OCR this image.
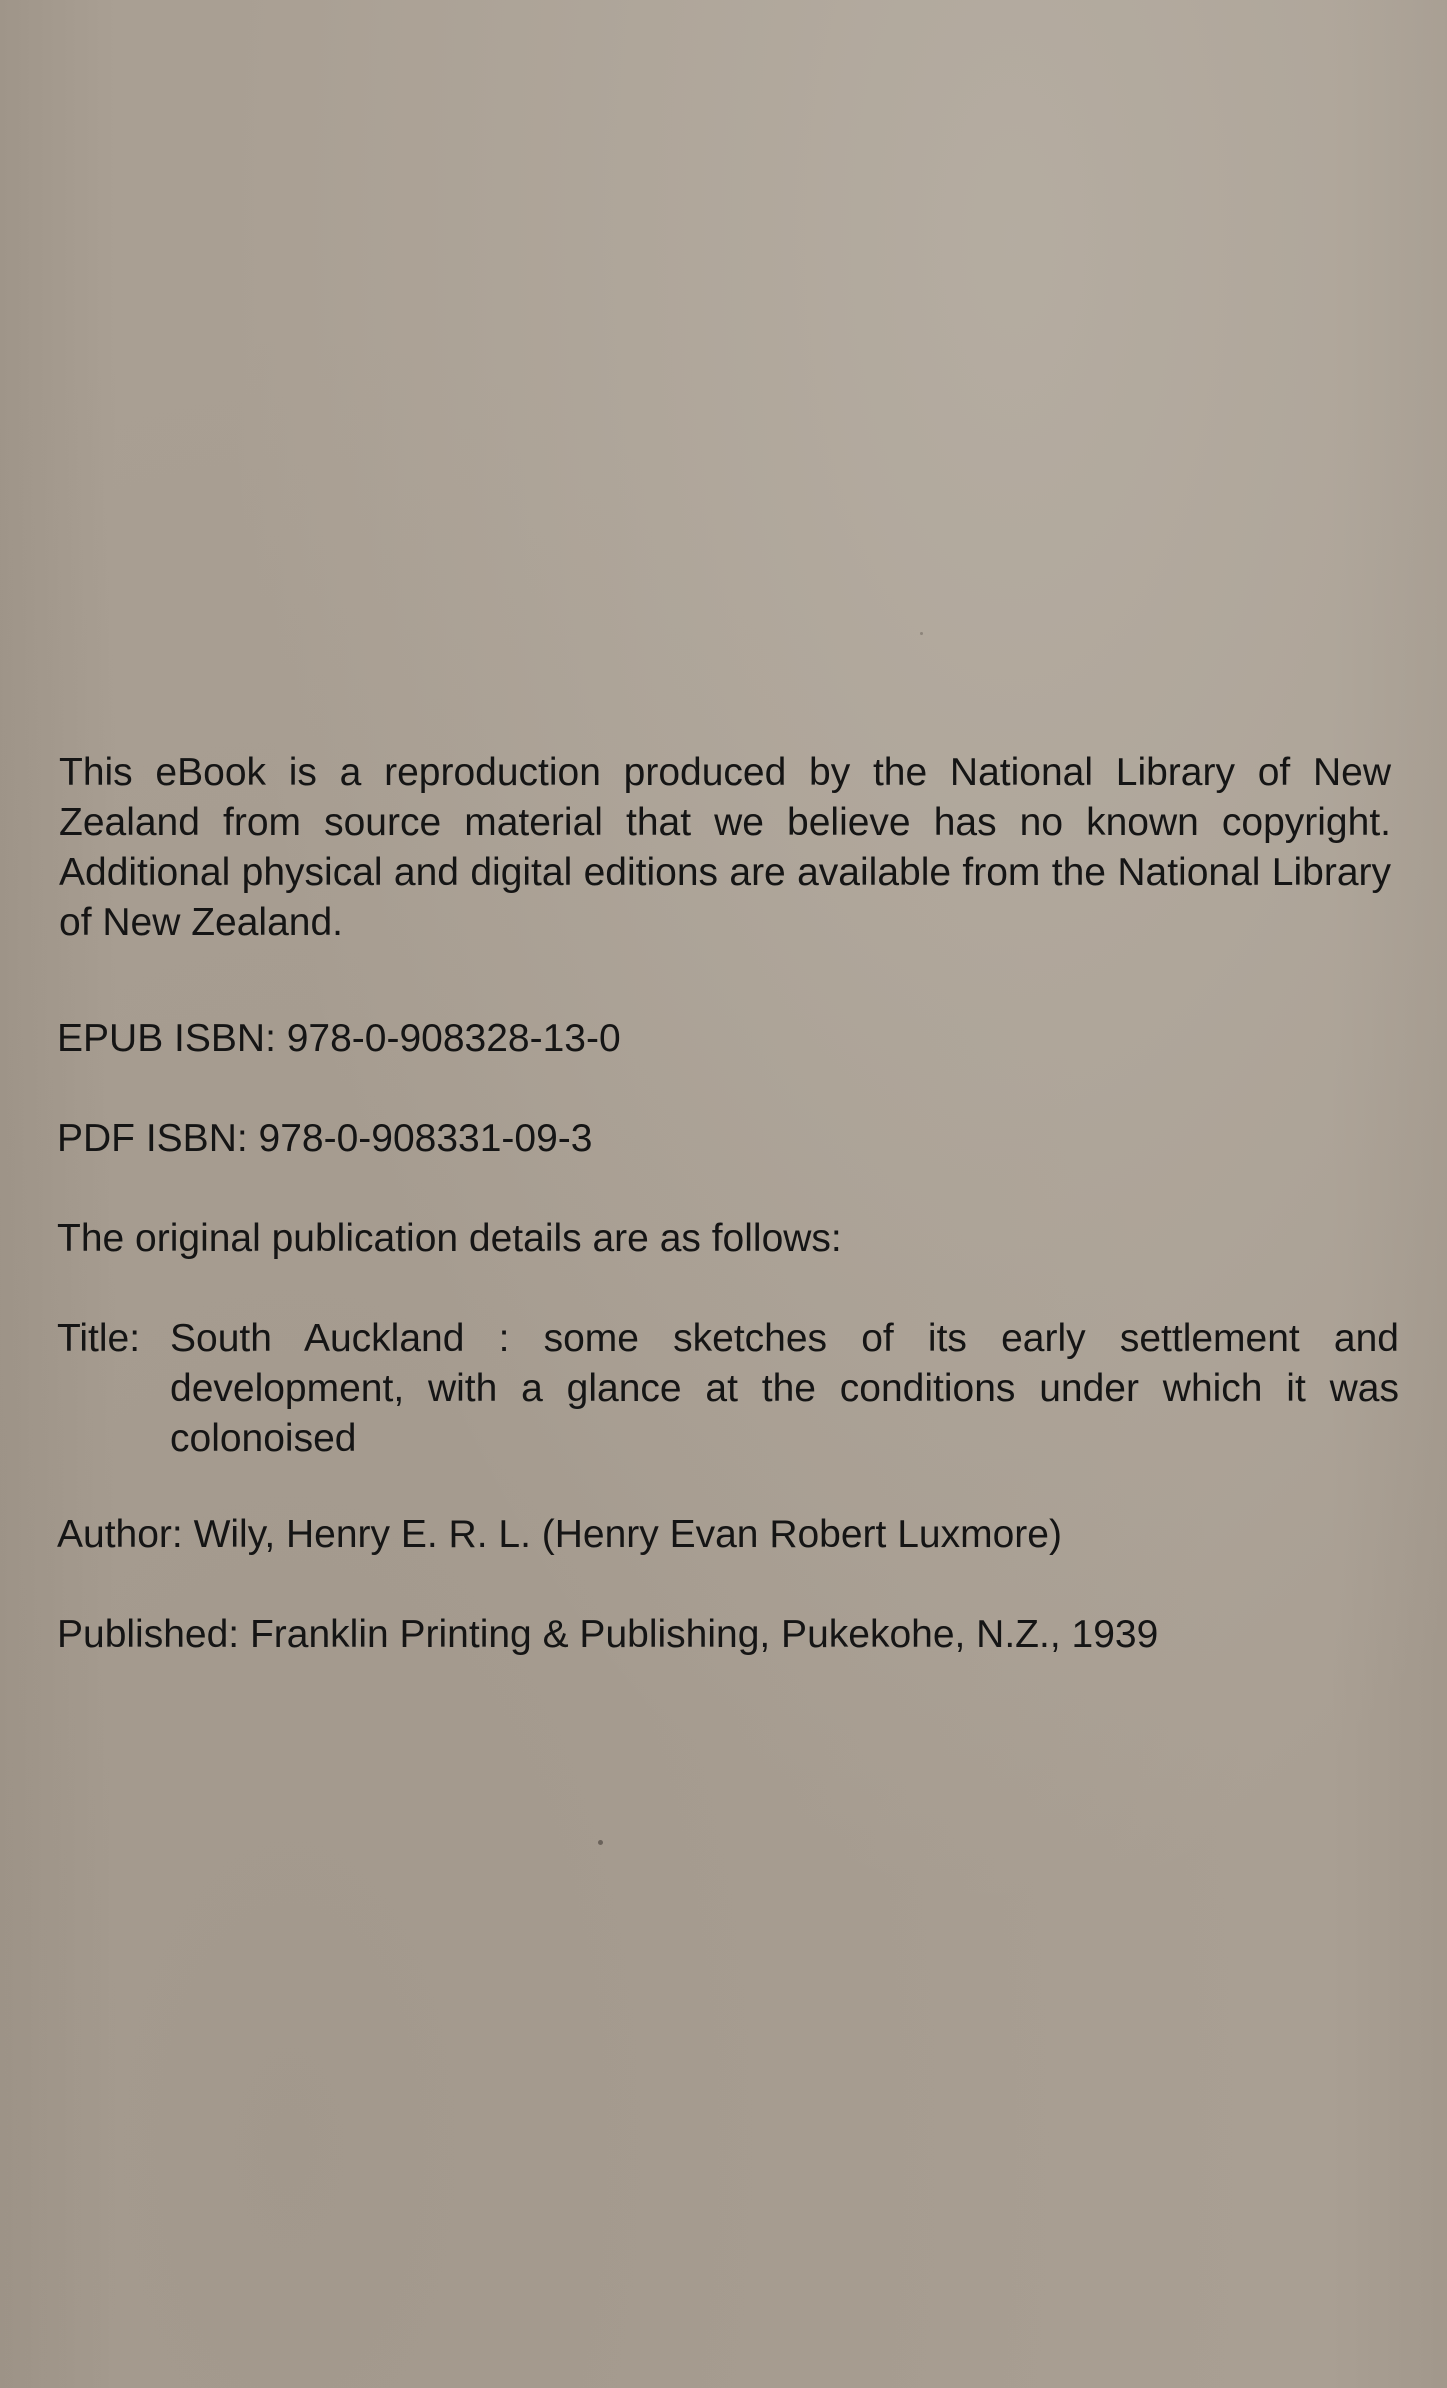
This eBook is a reproduction produced by the National Library of New Zealand from source material that we believe has no known copyright. Additional physical and digital editions are available from the National Library of New Zealand.

EPUB ISBN: 978-0-908328-13-0

PDF ISBN: 978-0-908331-09-3

The original publication details are as follows:

Title: South Auckland : some sketches of its early settlement and development, with a glance at the conditions under which it was colonoised

Author: Wily, Henry E. R. L. (Henry Evan Robert Luxmore)

Published: Franklin Printing & Publishing, Pukekohe, N.Z., 1939
